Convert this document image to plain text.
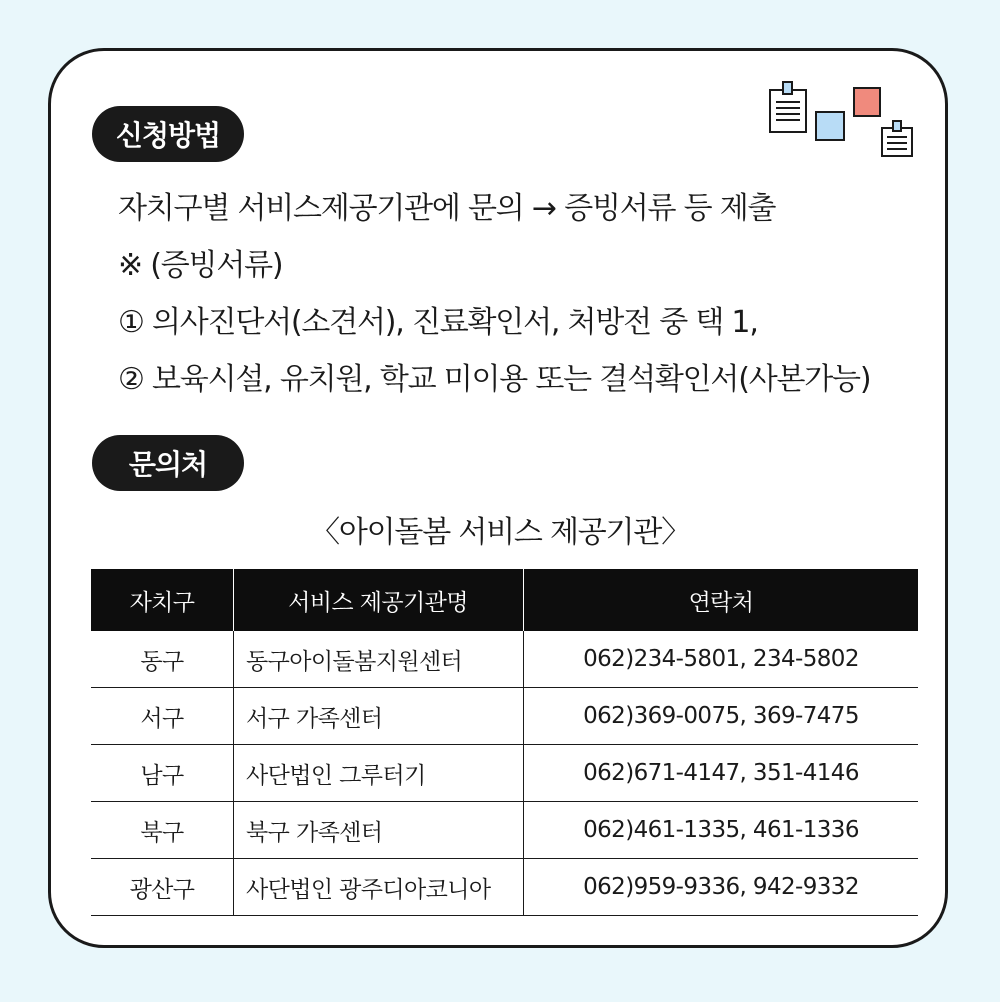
신청방법
자치구별 서비스제공기관에 문의 → 증빙서류 등 제출
※ (증빙서류)
① 의사진단서(소견서), 진료확인서, 처방전 중 택 1,
② 보육시설, 유치원, 학교 미이용 또는 결석확인서(사본가능)
문의처
〈아이돌봄 서비스 제공기관〉
자치구	서비스 제공기관명	연락처
동구	동구아이돌봄지원센터	062)234-5801, 234-5802
서구	서구 가족센터	062)369-0075, 369-7475
남구	사단법인 그루터기	062)671-4147, 351-4146
북구	북구 가족센터	062)461-1335, 461-1336
광산구	사단법인 광주디아코니아	062)959-9336, 942-9332
